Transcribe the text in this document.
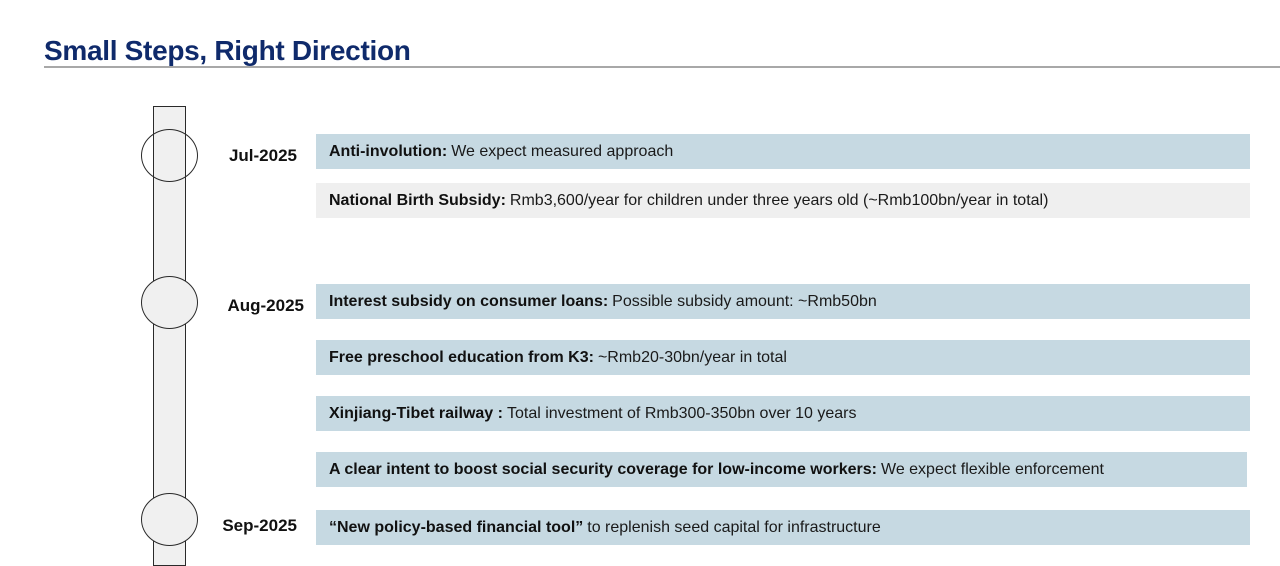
Small Steps, Right Direction
Jul-2025
Aug-2025
Sep-2025
Anti-involution: We expect measured approach
National Birth Subsidy: Rmb3,600/year for children under three years old (~Rmb100bn/year in total)
Interest subsidy on consumer loans: Possible subsidy amount: ~Rmb50bn
Free preschool education from K3: ~Rmb20-30bn/year in total
Xinjiang-Tibet railway : Total investment of Rmb300-350bn over 10 years
A clear intent to boost social security coverage for low-income workers: We expect flexible enforcement
“New policy-based financial tool” to replenish seed capital for infrastructure
